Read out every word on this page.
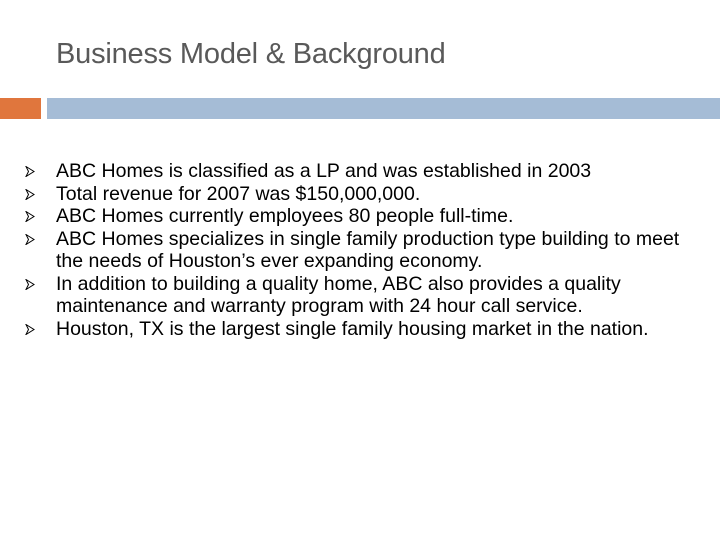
Business Model & Background
ABC Homes is classified as a LP and was established in 2003
Total revenue for 2007 was $150,000,000.
ABC Homes currently employees 80 people full-time.
ABC Homes specializes in single family production type building to meet the needs of Houston’s ever expanding economy.
In addition to building a quality home, ABC also provides a quality maintenance and warranty program with 24 hour call service.
Houston, TX is the largest single family housing market in the nation.
